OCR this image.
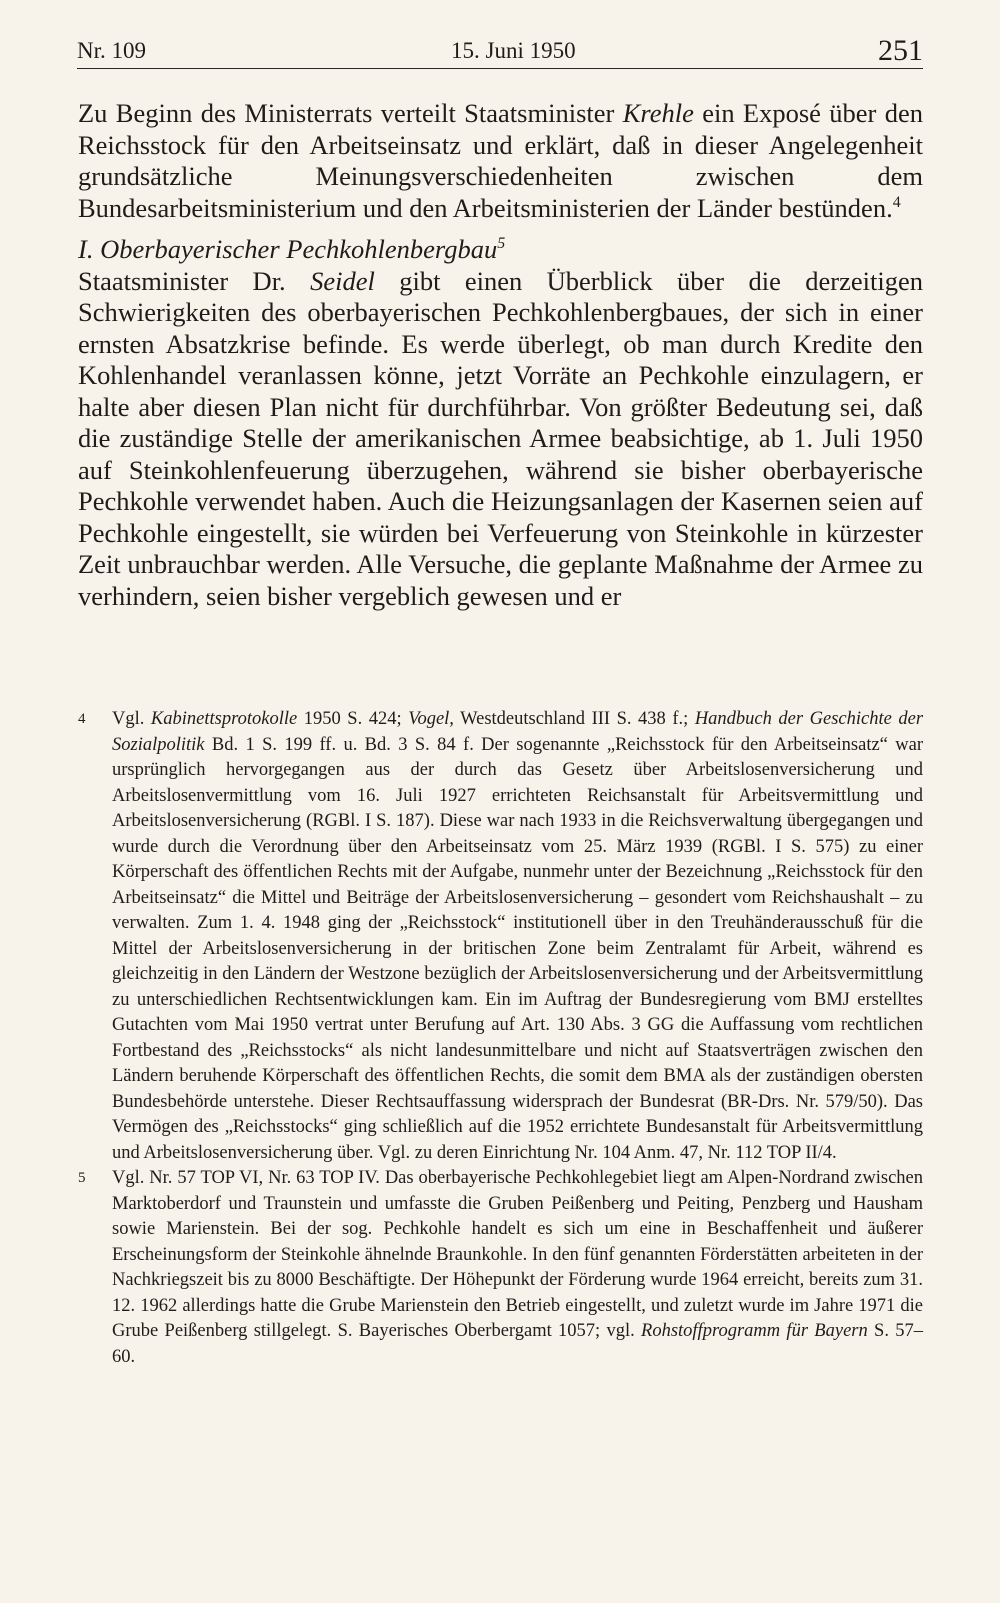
Nr. 109	15. Juni 1950	251

Zu Beginn des Ministerrats verteilt Staatsminister Krehle ein Exposé über den Reichsstock für den Arbeitseinsatz und erklärt, daß in dieser Angelegenheit grundsätzliche Meinungsverschiedenheiten zwischen dem Bundesarbeitsministerium und den Arbeitsministerien der Länder bestünden.$^4$

I. Oberbayerischer Pechkohlenbergbau$^5$

Staatsminister Dr. Seidel gibt einen Überblick über die derzeitigen Schwierigkeiten des oberbayerischen Pechkohlenbergbaues, der sich in einer ernsten Absatzkrise befinde. Es werde überlegt, ob man durch Kredite den Kohlenhandel veranlassen könne, jetzt Vorräte an Pechkohle einzulagern, er halte aber diesen Plan nicht für durchführbar. Von größter Bedeutung sei, daß die zuständige Stelle der amerikanischen Armee beabsichtige, ab 1. Juli 1950 auf Steinkohlenfeuerung überzugehen, während sie bisher oberbayerische Pechkohle verwendet haben. Auch die Heizungsanlagen der Kasernen seien auf Pechkohle eingestellt, sie würden bei Verfeuerung von Steinkohle in kürzester Zeit unbrauchbar werden. Alle Versuche, die geplante Maßnahme der Armee zu verhindern, seien bisher vergeblich gewesen und er

4	Vgl. Kabinettsprotokolle 1950 S. 424; Vogel, Westdeutschland III S. 438 f.; Handbuch der Geschichte der Sozialpolitik Bd. 1 S. 199 ff. u. Bd. 3 S. 84 f. Der sogenannte „Reichsstock für den Arbeitseinsatz“ war ursprünglich hervorgegangen aus der durch das Gesetz über Arbeitslosenversicherung und Arbeitslosenvermittlung vom 16. Juli 1927 errichteten Reichsanstalt für Arbeitsvermittlung und Arbeitslosenversicherung (RGBl. I S. 187). Diese war nach 1933 in die Reichsverwaltung übergegangen und wurde durch die Verordnung über den Arbeitseinsatz vom 25. März 1939 (RGBl. I S. 575) zu einer Körperschaft des öffentlichen Rechts mit der Aufgabe, nunmehr unter der Bezeichnung „Reichsstock für den Arbeitseinsatz“ die Mittel und Beiträge der Arbeitslosenversicherung – gesondert vom Reichshaushalt – zu verwalten. Zum 1. 4. 1948 ging der „Reichsstock“ institutionell über in den Treuhänderausschuß für die Mittel der Arbeitslosenversicherung in der britischen Zone beim Zentralamt für Arbeit, während es gleichzeitig in den Ländern der Westzone bezüglich der Arbeitslosenversicherung und der Arbeitsvermittlung zu unterschiedlichen Rechtsentwicklungen kam. Ein im Auftrag der Bundesregierung vom BMJ erstelltes Gutachten vom Mai 1950 vertrat unter Berufung auf Art. 130 Abs. 3 GG die Auffassung vom rechtlichen Fortbestand des „Reichsstocks“ als nicht landesunmittelbare und nicht auf Staatsverträgen zwischen den Ländern beruhende Körperschaft des öffentlichen Rechts, die somit dem BMA als der zuständigen obersten Bundesbehörde unterstehe. Dieser Rechtsauffassung widersprach der Bundesrat (BR-Drs. Nr. 579/50). Das Vermögen des „Reichsstocks“ ging schließlich auf die 1952 errichtete Bundesanstalt für Arbeitsvermittlung und Arbeitslosenversicherung über. Vgl. zu deren Einrichtung Nr. 104 Anm. 47, Nr. 112 TOP II/4.
5	Vgl. Nr. 57 TOP VI, Nr. 63 TOP IV. Das oberbayerische Pechkohlegebiet liegt am Alpen-Nordrand zwischen Marktoberdorf und Traunstein und umfasste die Gruben Peißenberg und Peiting, Penzberg und Hausham sowie Marienstein. Bei der sog. Pechkohle handelt es sich um eine in Beschaffenheit und äußerer Erscheinungsform der Steinkohle ähnelnde Braunkohle. In den fünf genannten Förderstätten arbeiteten in der Nachkriegszeit bis zu 8000 Beschäftigte. Der Höhepunkt der Förderung wurde 1964 erreicht, bereits zum 31. 12. 1962 allerdings hatte die Grube Marienstein den Betrieb eingestellt, und zuletzt wurde im Jahre 1971 die Grube Peißenberg stillgelegt. S. Bayerisches Oberbergamt 1057; vgl. Rohstoffprogramm für Bayern S. 57–60.
